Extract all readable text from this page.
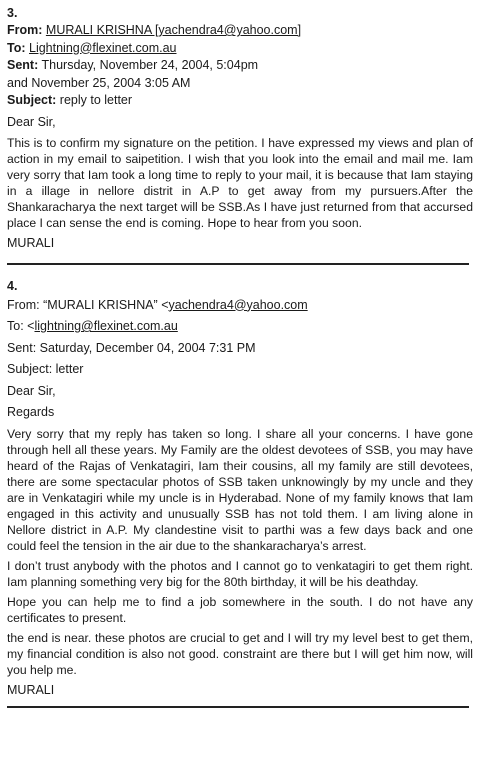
3.
From: MURALI KRISHNA [yachendra4@yahoo.com]
To: Lightning@flexinet.com.au
Sent: Thursday, November 24, 2004, 5:04pm
and November 25, 2004 3:05 AM
Subject: reply to letter
Dear Sir,

This is to confirm my signature on the petition. I have expressed my views and plan of action in my email to saipetition. I wish that you look into the email and mail me. Iam very sorry that Iam took a long time to reply to your mail, it is because that Iam staying in a illage in nellore distrit in A.P to get away from my pursuers.After the Shankaracharya the next target will be SSB.As I have just returned from that accursed place I can sense the end is coming. Hope to hear from you soon.

MURALI
4.
From: “MURALI KRISHNA” <yachendra4@yahoo.com
To: <lightning@flexinet.com.au
Sent: Saturday, December 04, 2004 7:31 PM
Subject: letter
Dear Sir,
Regards

Very sorry that my reply has taken so long. I share all your concerns. I have gone through hell all these years. My Family are the oldest devotees of SSB, you may have heard of the Rajas of Venkatagiri, Iam their cousins, all my family are still devotees, there are some spectacular photos of SSB taken unknowingly by my uncle and they are in Venkatagiri while my uncle is in Hyderabad. None of my family knows that Iam engaged in this activity and unusually SSB has not told them. I am living alone in Nellore district in A.P. My clandestine visit to parthi was a few days back and one could feel the tension in the air due to the shankaracharya’s arrest.

I don’t trust anybody with the photos and I cannot go to venkatagiri to get them right. Iam planning something very big for the 80th birthday, it will be his deathday.

Hope you can help me to find a job somewhere in the south. I do not have any certificates to present.

the end is near. these photos are crucial to get and I will try my level best to get them, my financial condition is also not good. constraint are there but I will get him now, will you help me.

MURALI
